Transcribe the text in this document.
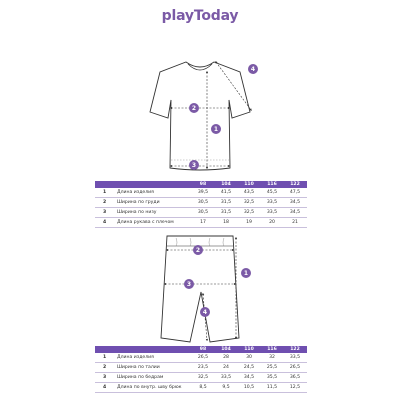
playToday
1
2
3
4
1
2
3
4
98	104	110	116	122
1 Длина изделия	39,5	41,5	43,5	45,5	47,5
2 Ширина по груди	30,5	31,5	32,5	33,5	34,5
3 Ширина по низу	30,5	31,5	32,5	33,5	34,5
4 Длина рукава с плечом	17	18	19	20	21
98	104	110	116	122
1 Длина изделия	26,5	28	30	32	33,5
2 Ширина по талии	23,5	24	24,5	25,5	26,5
3 Ширина по бедрам	32,5	33,5	34,5	35,5	36,5
4 Длина по внутр. шву брюк	8,5	9,5	10,5	11,5	12,5
